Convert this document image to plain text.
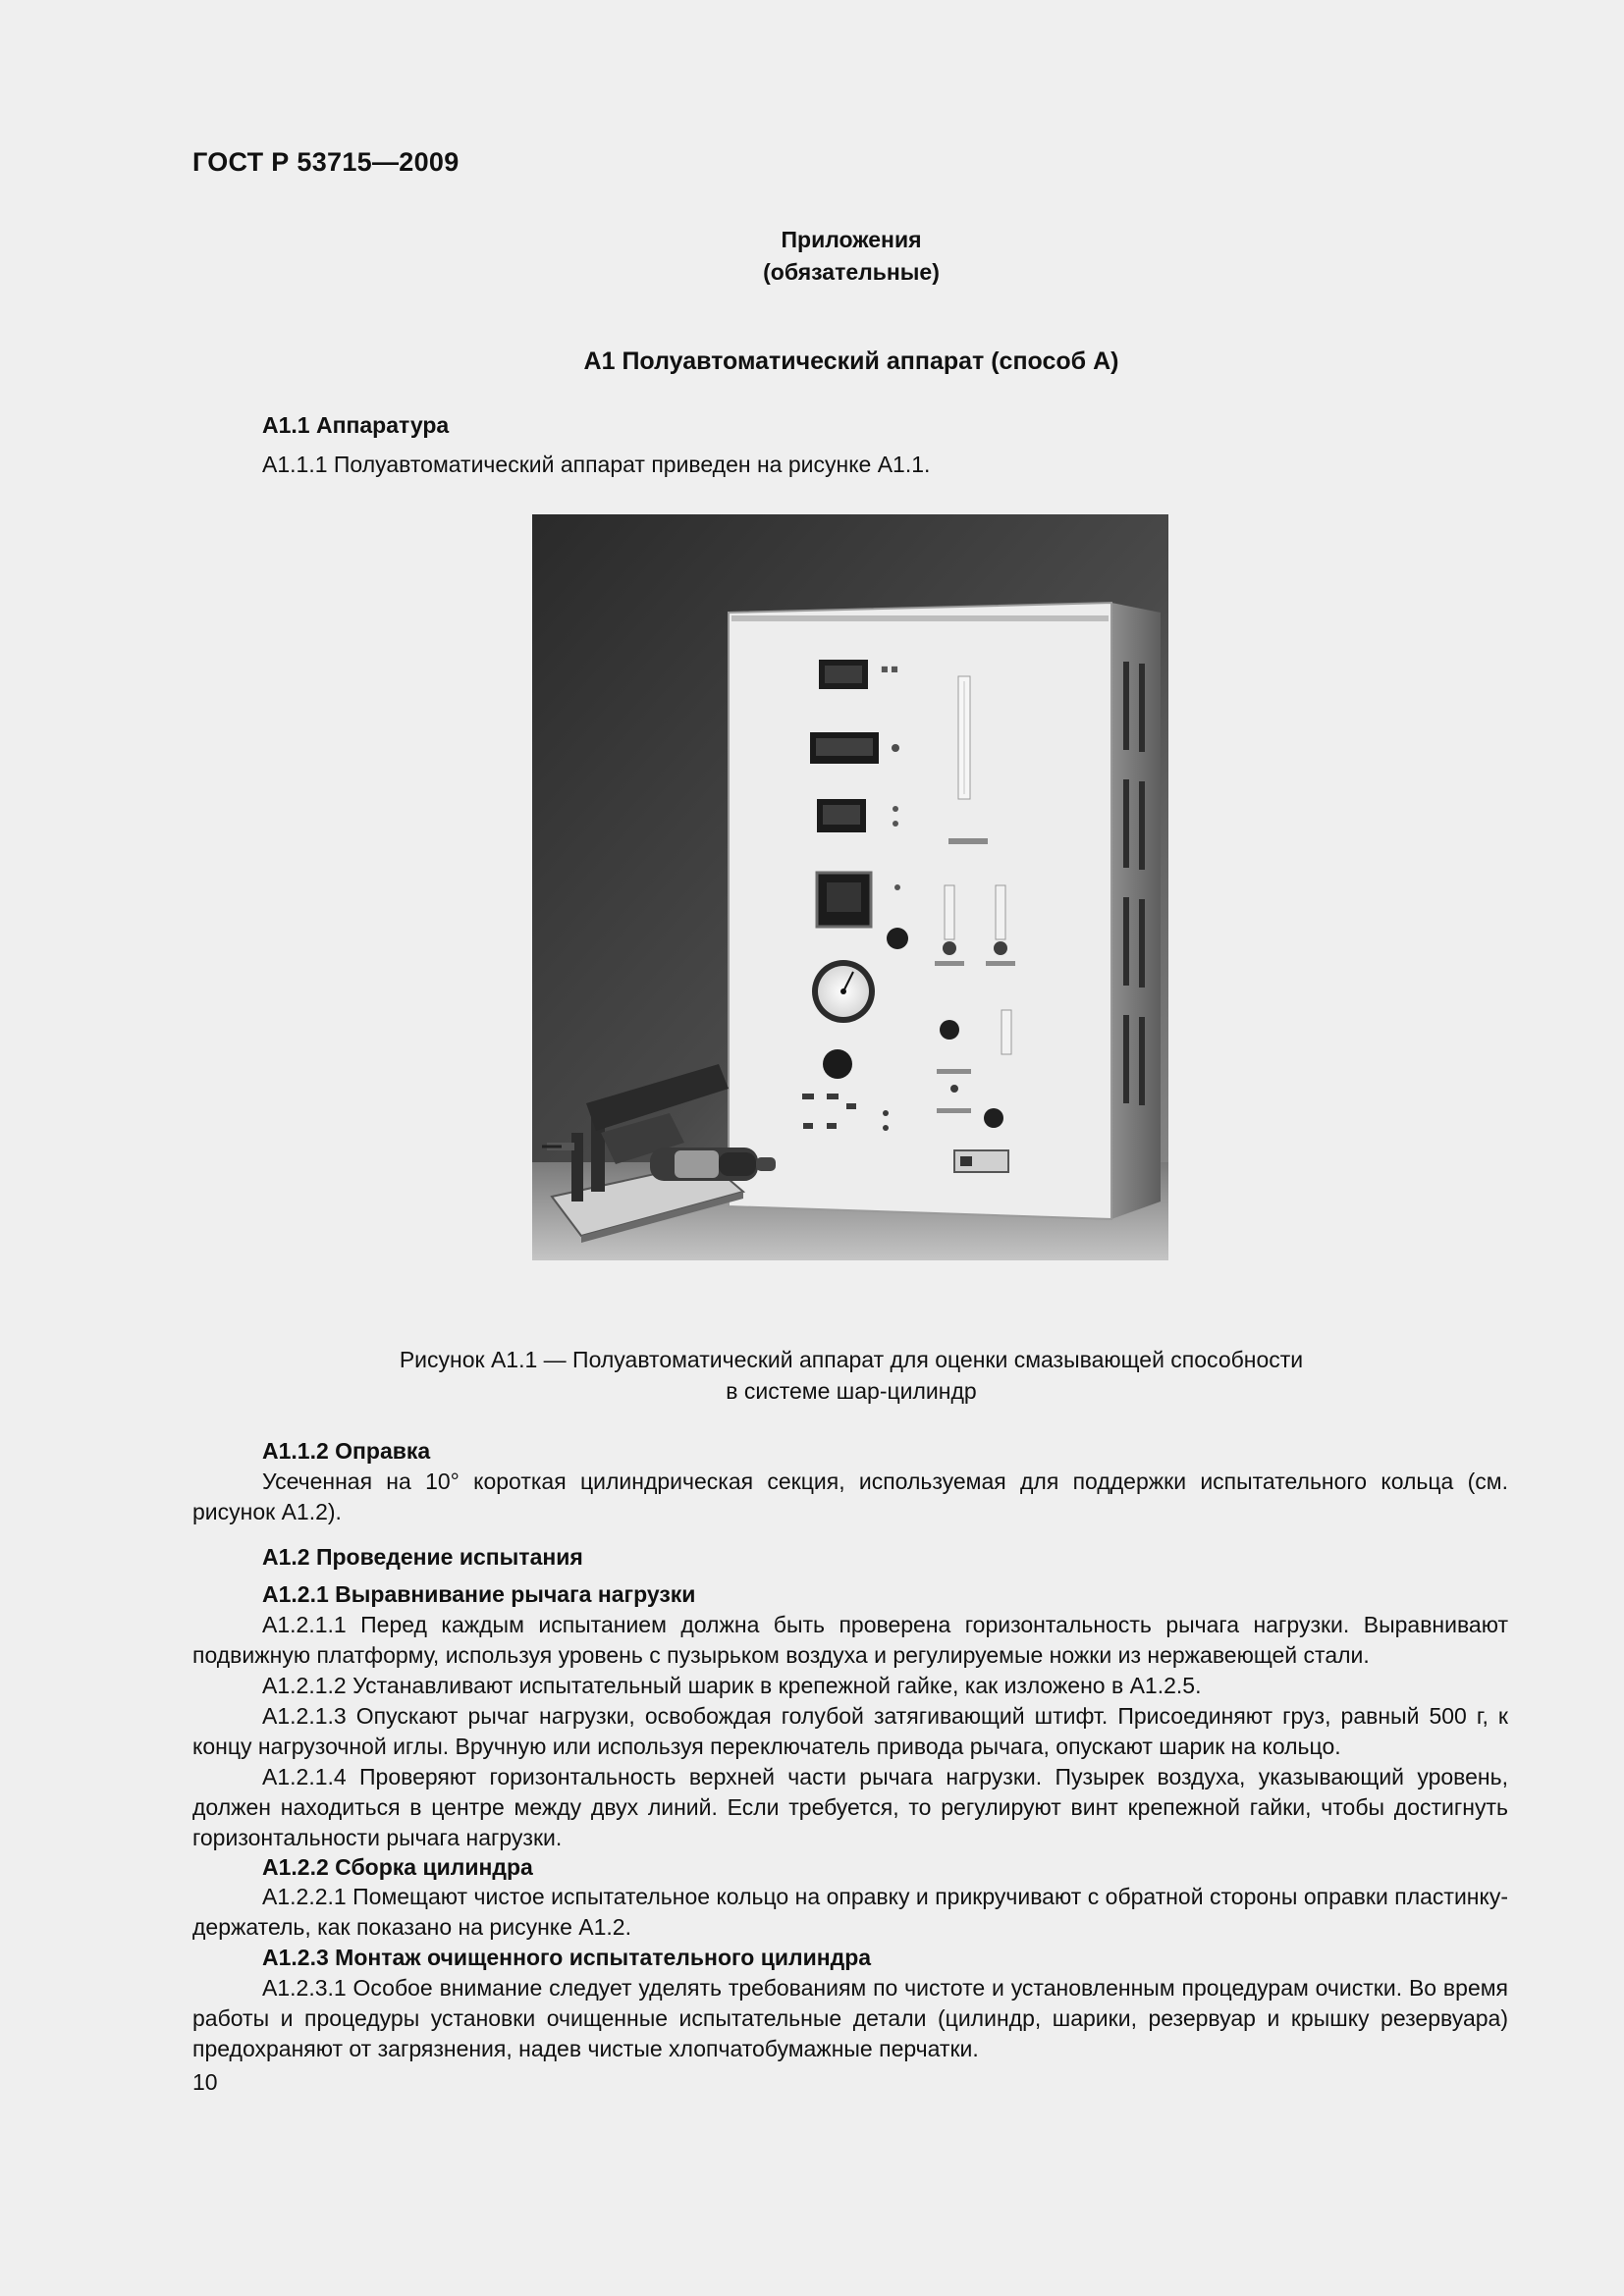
ГОСТ Р 53715—2009
Приложения
(обязательные)
А1 Полуавтоматический аппарат (способ А)
А1.1 Аппаратура
А1.1.1 Полуавтоматический аппарат приведен на рисунке А1.1.
■ ■
Рисунок А1.1 — Полуавтоматический аппарат для оценки смазывающей способности
в системе шар-цилиндр
А1.1.2 Оправка
Усеченная на 10° короткая цилиндрическая секция, используемая для поддержки испытательного кольца (см. рисунок А1.2).
А1.2 Проведение испытания
А1.2.1 Выравнивание рычага нагрузки
А1.2.1.1 Перед каждым испытанием должна быть проверена горизонтальность рычага нагрузки. Выравнивают подвижную платформу, используя уровень с пузырьком воздуха и регулируемые ножки из нержавеющей стали.
А1.2.1.2 Устанавливают испытательный шарик в крепежной гайке, как изложено в А1.2.5.
А1.2.1.3 Опускают рычаг нагрузки, освобождая голубой затягивающий штифт. Присоединяют груз, равный 500 г, к концу нагрузочной иглы. Вручную или используя переключатель привода рычага, опускают шарик на кольцо.
А1.2.1.4 Проверяют горизонтальность верхней части рычага нагрузки. Пузырек воздуха, указывающий уровень, должен находиться в центре между двух линий. Если требуется, то регулируют винт крепежной гайки, чтобы достигнуть горизонтальности рычага нагрузки.
А1.2.2 Сборка цилиндра
А1.2.2.1 Помещают чистое испытательное кольцо на оправку и прикручивают с обратной стороны оправки пластинку-держатель, как показано на рисунке А1.2.
А1.2.3 Монтаж очищенного испытательного цилиндра
А1.2.3.1 Особое внимание следует уделять требованиям по чистоте и установленным процедурам очистки. Во время работы и процедуры установки очищенные испытательные детали (цилиндр, шарики, резервуар и крышку резервуара) предохраняют от загрязнения, надев чистые хлопчатобумажные перчатки.
10
